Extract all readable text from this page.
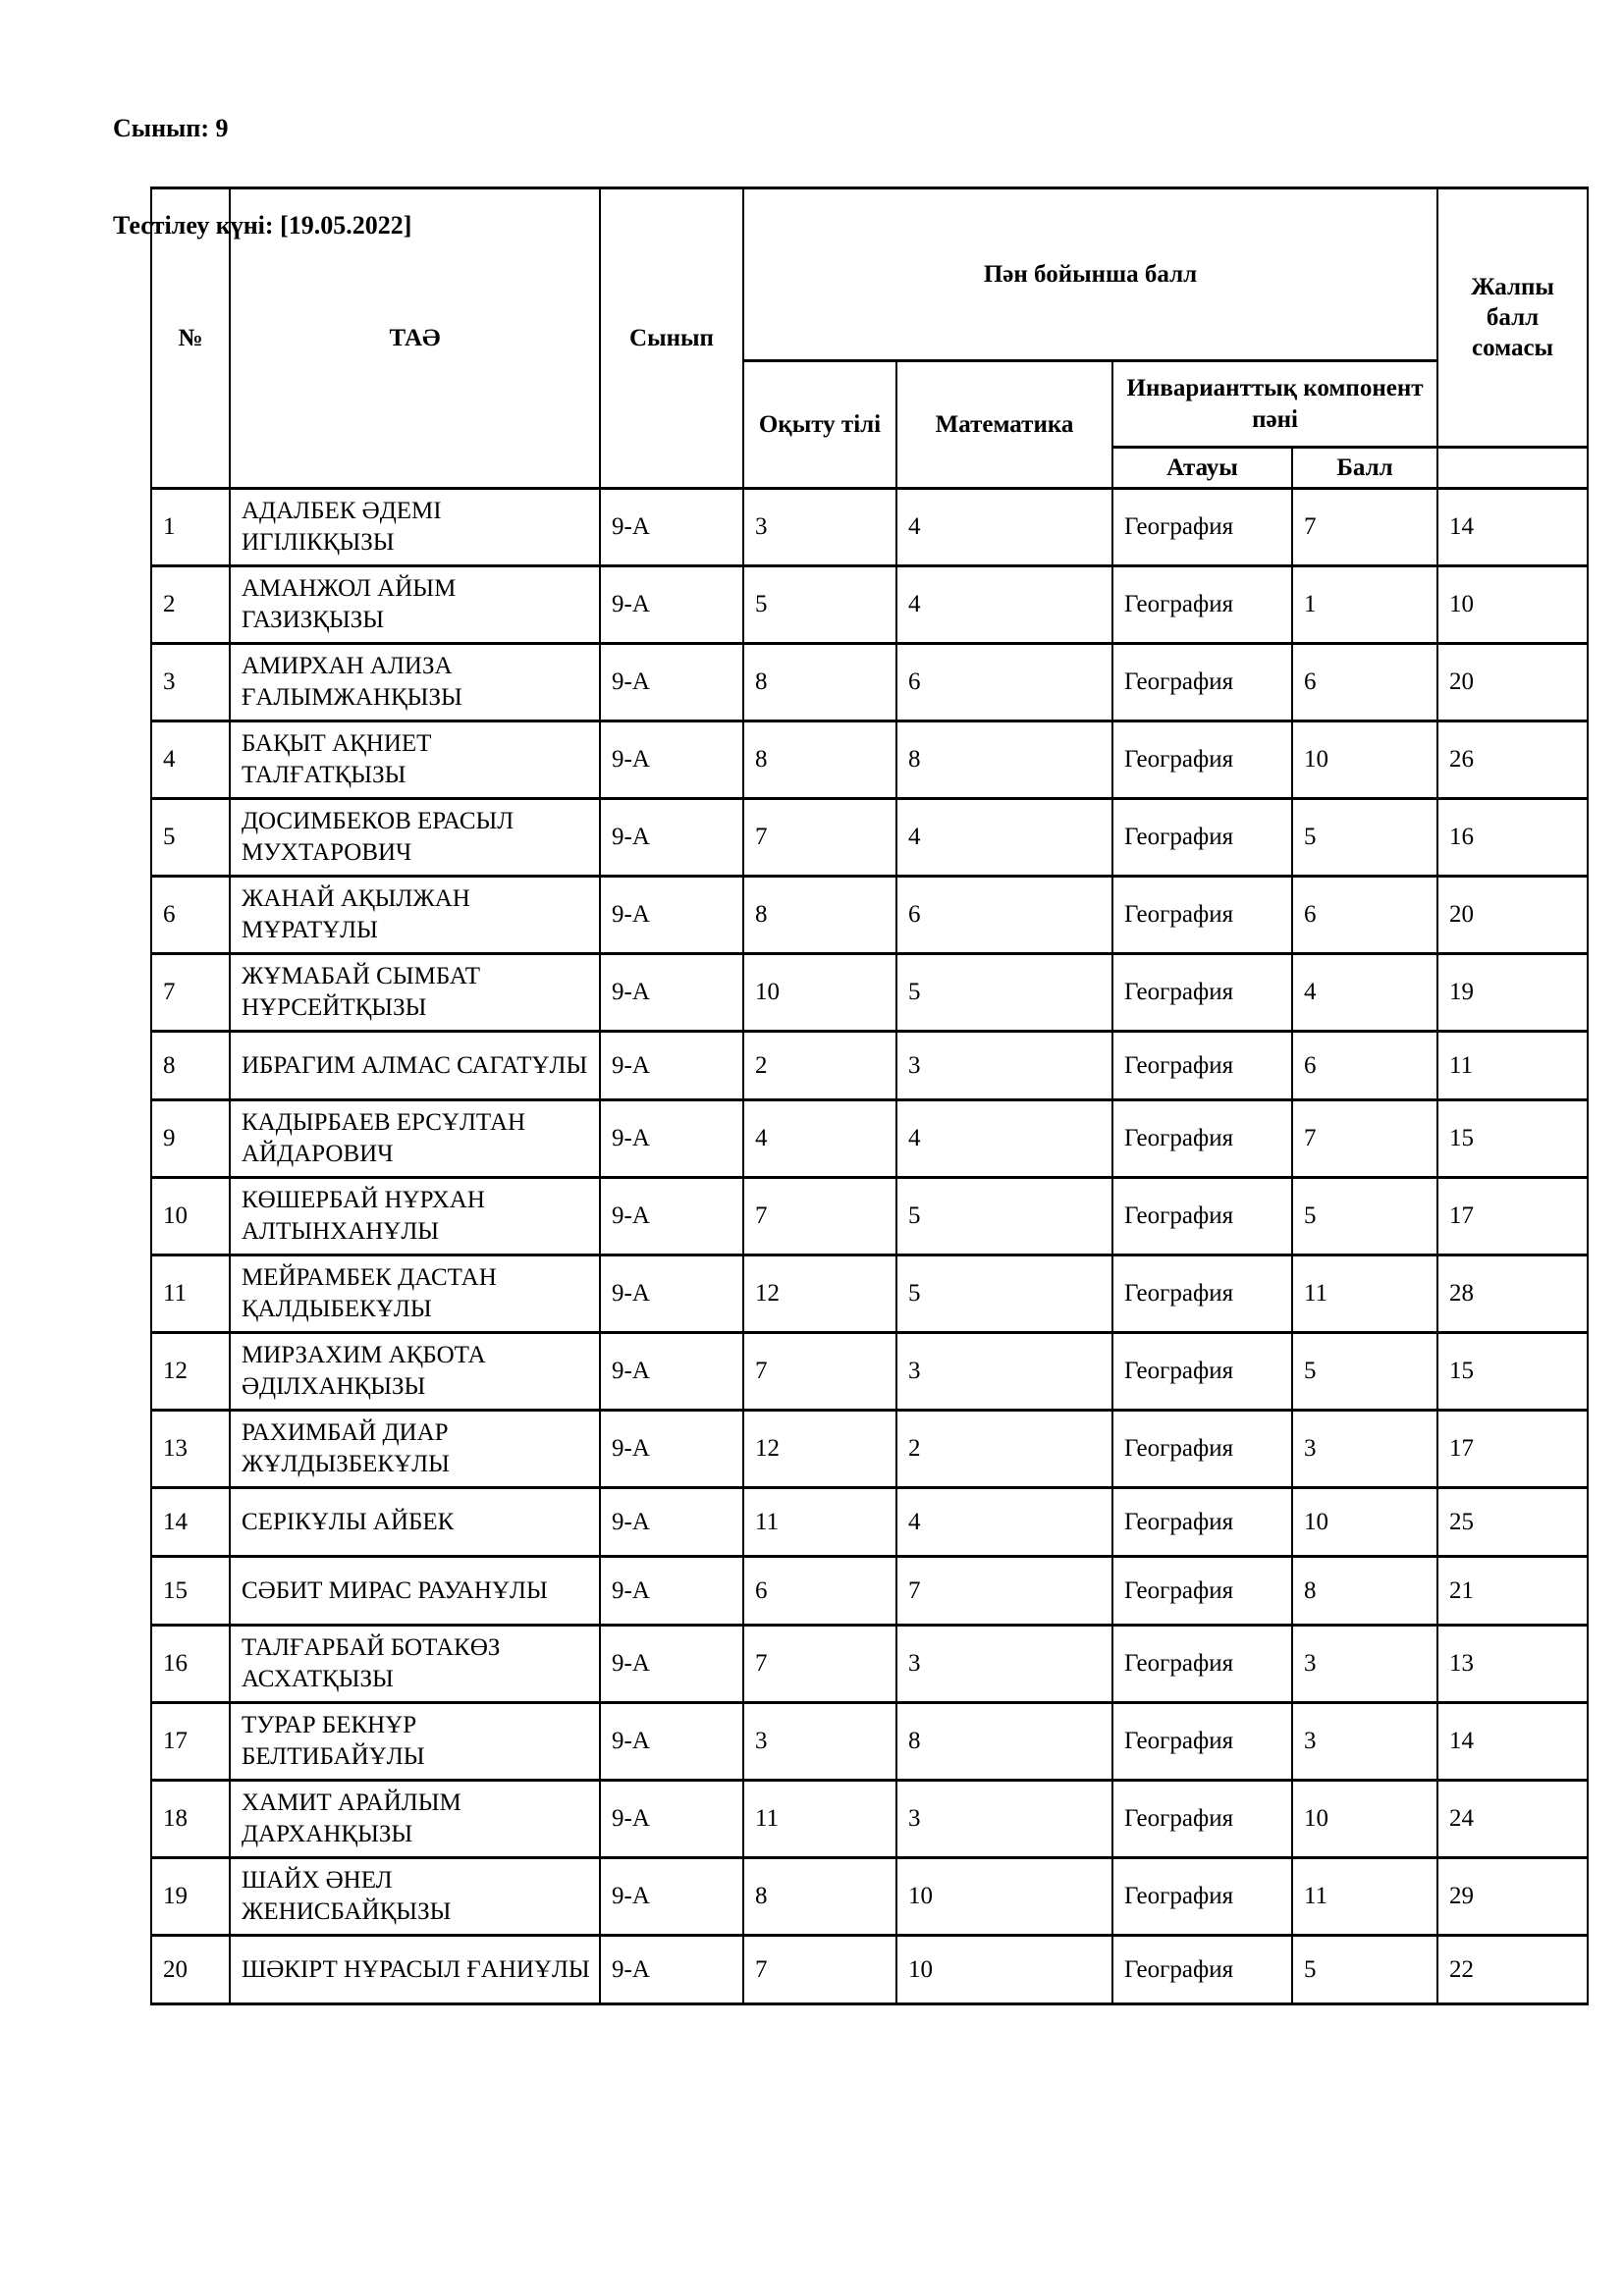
Сынып: 9

Тестілеу күні: [19.05.2022]

№	ТАӘ	Сынып	Пән бойынша балл				Жалпы балл сомасы
			Оқыту тілі	Математика	Инварианттық компонент пәні		
					Атауы	Балл	
1	АДАЛБЕК ӘДЕМІ ИГІЛІКҚЫЗЫ	9-А	3	4	География	7	14
2	АМАНЖОЛ АЙЫМ ГАЗИЗҚЫЗЫ	9-А	5	4	География	1	10
3	АМИРХАН АЛИЗА ҒАЛЫМЖАНҚЫЗЫ	9-А	8	6	География	6	20
4	БАҚЫТ АҚНИЕТ ТАЛҒАТҚЫЗЫ	9-А	8	8	География	10	26
5	ДОСИМБЕКОВ ЕРАСЫЛ МУХТАРОВИЧ	9-А	7	4	География	5	16
6	ЖАНАЙ АҚЫЛЖАН МҰРАТҰЛЫ	9-А	8	6	География	6	20
7	ЖҰМАБАЙ СЫМБАТ НҰРСЕЙТҚЫЗЫ	9-А	10	5	География	4	19
8	ИБРАГИМ АЛМАС САГАТҰЛЫ	9-А	2	3	География	6	11
9	КАДЫРБАЕВ ЕРСҰЛТАН АЙДАРОВИЧ	9-А	4	4	География	7	15
10	КӨШЕРБАЙ НҰРХАН АЛТЫНХАНҰЛЫ	9-А	7	5	География	5	17
11	МЕЙРАМБЕК ДАСТАН ҚАЛДЫБЕКҰЛЫ	9-А	12	5	География	11	28
12	МИРЗАХИМ АҚБОТА ӘДІЛХАНҚЫЗЫ	9-А	7	3	География	5	15
13	РАХИМБАЙ ДИАР ЖҰЛДЫЗБЕКҰЛЫ	9-А	12	2	География	3	17
14	СЕРІКҰЛЫ АЙБЕК	9-А	11	4	География	10	25
15	СӘБИТ МИРАС РАУАНҰЛЫ	9-А	6	7	География	8	21
16	ТАЛҒАРБАЙ БОТАКӨЗ АСХАТҚЫЗЫ	9-А	7	3	География	3	13
17	ТУРАР БЕКНҰР БЕЛТИБАЙҰЛЫ	9-А	3	8	География	3	14
18	ХАМИТ АРАЙЛЫМ ДАРХАНҚЫЗЫ	9-А	11	3	География	10	24
19	ШАЙХ ӘНЕЛ ЖЕНИСБАЙҚЫЗЫ	9-А	8	10	География	11	29
20	ШӘКІРТ НҰРАСЫЛ ҒАНИҰЛЫ	9-А	7	10	География	5	22
